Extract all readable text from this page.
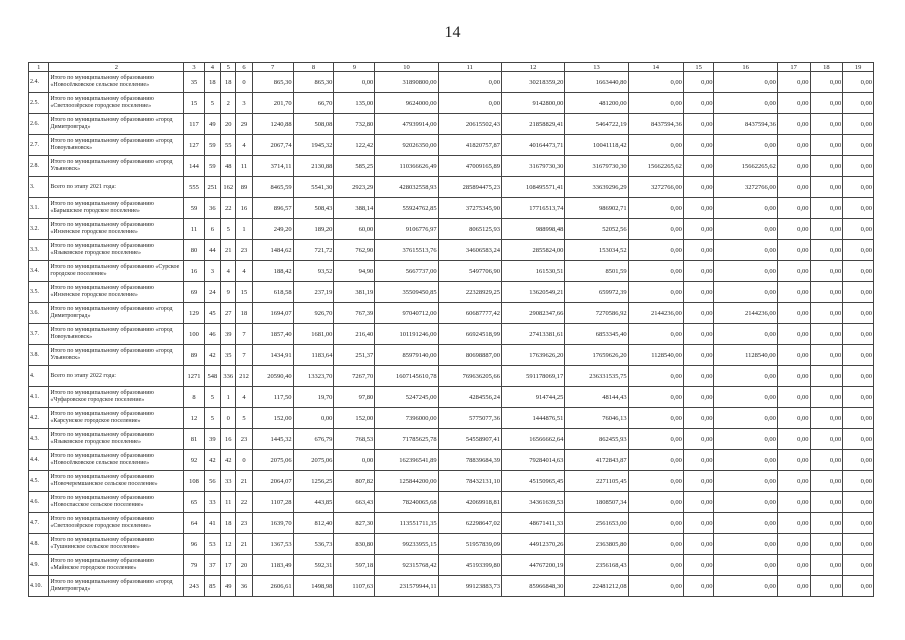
14
1	2	3	4	5	6	7	8	9	10	11	12	13	14	15	16	17	18	19
2.4.	Итого по муниципальному образованию «Новосёлковское сельское поселение»	35	18	18	0	865,30	865,30	0,00	31890800,00	0,00	30218359,20	1663440,80	0,00	0,00	0,00	0,00	0,00	0,00
2.5.	Итого по муниципальному образованию «Светлоозёрское городское поселение»	15	5	2	3	201,70	66,70	135,00	9624000,00	0,00	9142800,00	481200,00	0,00	0,00	0,00	0,00	0,00	0,00
2.6.	Итого по муниципальному образованию «город Димитровград»	117	49	20	29	1240,88	508,08	732,80	47939914,00	20615502,43	21858829,41	5464722,19	8437594,36	0,00	8437594,36	0,00	0,00	0,00
2.7.	Итого по муниципальному образованию «город Новоульяновск»	127	59	55	4	2067,74	1945,32	122,42	92026350,00	41820757,87	40164473,71	10041118,42	0,00	0,00	0,00	0,00	0,00	0,00
2.8.	Итого по муниципальному образованию «город Ульяновск»	144	59	48	11	3714,11	2130,88	585,25	110366626,49	47009165,89	31679730,30	31679730,30	15662265,62	0,00	15662265,62	0,00	0,00	0,00
3.	Всего по этапу 2021 года:	555	251	162	89	8465,59	5541,30	2923,29	428032558,93	285894475,23	108495571,41	33639296,29	3272766,00	0,00	3272766,00	0,00	0,00	0,00
3.1.	Итого по муниципальному образованию «Барышское городское поселение»	59	36	22	16	896,57	508,43	388,14	55924762,85	37275345,90	17716513,74	986902,71	0,00	0,00	0,00	0,00	0,00	0,00
3.2.	Итого по муниципальному образованию «Инзенское городское поселение»	11	6	5	1	249,20	189,20	60,00	9106776,97	8065125,93	988998,48	52052,56	0,00	0,00	0,00	0,00	0,00	0,00
3.3.	Итого по муниципальному образованию «Языковское городское поселение»	80	44	21	23	1484,62	721,72	762,90	37615513,76	34606583,24	2855824,00	153034,52	0,00	0,00	0,00	0,00	0,00	0,00
3.4.	Итого по муниципальному образованию «Сурское городское поселение»	16	3	4	4	188,42	93,52	94,90	5667737,00	5497706,90	161530,51	8501,59	0,00	0,00	0,00	0,00	0,00	0,00
3.5.	Итого по муниципальному образованию «Инзенское городское поселение»	69	24	9	15	618,58	237,19	381,19	35509450,85	22328929,25	13620549,21	659972,39	0,00	0,00	0,00	0,00	0,00	0,00
3.6.	Итого по муниципальному образованию «город Димитровград»	129	45	27	18	1694,07	926,70	767,39	97040712,00	60687777,42	29082347,66	7270586,92	2144236,00	0,00	2144236,00	0,00	0,00	0,00
3.7.	Итого по муниципальному образованию «город Новоульяновск»	100	46	39	7	1857,40	1681,00	216,40	101191246,00	66924518,99	27413381,61	6853345,40	0,00	0,00	0,00	0,00	0,00	0,00
3.8.	Итого по муниципальному образованию «город Ульяновск»	89	42	35	7	1434,91	1183,64	251,37	85979140,00	80698887,00	17639626,20	17659626,20	1128540,00	0,00	1128540,00	0,00	0,00	0,00
4.	Всего по этапу 2022 года:	1271	548	336	212	20590,40	13323,70	7267,70	1607145610,78	769636205,66	591178069,17	236331535,75	0,00	0,00	0,00	0,00	0,00	0,00
4.1.	Итого по муниципальному образованию «Чуфаровское городское поселение»	8	5	1	4	117,50	19,70	97,80	5247245,00	4284556,24	914744,25	48144,43	0,00	0,00	0,00	0,00	0,00	0,00
4.2.	Итого по муниципальному образованию «Карсунское городское поселение»	12	5	0	5	152,00	0,00	152,00	7396000,00	5775077,36	1444876,51	76046,13	0,00	0,00	0,00	0,00	0,00	0,00
4.3.	Итого по муниципальному образованию «Языковское городское поселение»	81	39	16	23	1445,32	676,79	768,53	71785625,78	54558907,41	16566662,64	862455,93	0,00	0,00	0,00	0,00	0,00	0,00
4.4.	Итого по муниципальному образованию «Новосёлковское сельское поселение»	92	42	42	0	2075,06	2075,06	0,00	162396541,89	78839684,39	79284014,63	4172843,87	0,00	0,00	0,00	0,00	0,00	0,00
4.5.	Итого по муниципальному образованию «Новочеремшанское сельское поселение»	108	56	33	21	2064,07	1256,25	807,82	125844200,00	78432131,10	45150965,45	2271105,45	0,00	0,00	0,00	0,00	0,00	0,00
4.6.	Итого по муниципальному образованию «Новоспасское сельское поселение»	65	33	11	22	1107,28	443,85	663,43	78240065,68	42069918,81	34361639,53	1808507,34	0,00	0,00	0,00	0,00	0,00	0,00
4.7.	Итого по муниципальному образованию «Светлоозёрское городское поселение»	64	41	18	23	1639,70	812,40	827,30	113551711,35	62298647,02	48671411,33	2561653,00	0,00	0,00	0,00	0,00	0,00	0,00
4.8.	Итого по муниципальному образованию «Тушнинское сельское поселение»	96	53	12	21	1367,53	536,73	830,80	99233955,15	51957839,09	44912370,26	2363805,80	0,00	0,00	0,00	0,00	0,00	0,00
4.9.	Итого по муниципальному образованию «Майнское городское поселение»	79	37	17	20	1183,49	592,31	597,18	92315768,42	45193399,80	44767200,19	2356168,43	0,00	0,00	0,00	0,00	0,00	0,00
4.10.	Итого по муниципальному образованию «город Димитровград»	243	85	49	36	2606,61	1498,98	1107,63	231579944,11	99123883,73	85966848,30	22481212,08	0,00	0,00	0,00	0,00	0,00	0,00
